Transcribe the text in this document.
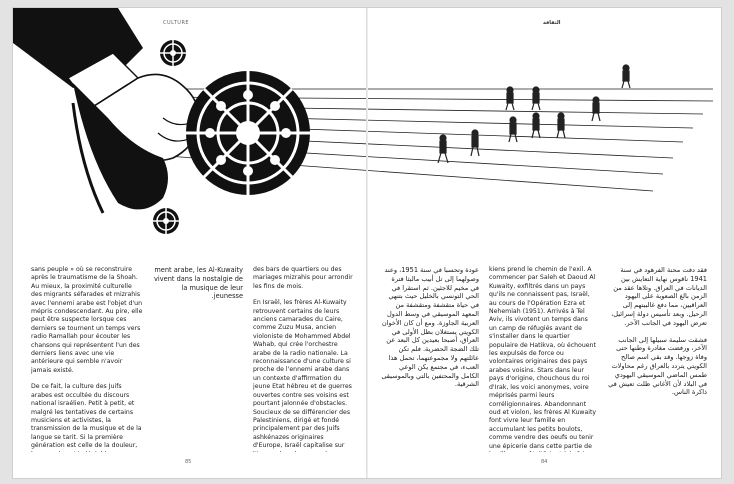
CULTURE	الثقافة

sans peuple » où se reconstruire après le traumatisme de la Shoah. Au mieux, la proximité culturelle des migrants séfarades et mizrahis avec l'ennemi arabe est l'objet d'un mépris condescendant. Au pire, elle peut être suspecte lorsque ces derniers se tournent un temps vers radio Ramallah pour écouter les chansons qui représentent l'un des derniers liens avec une vie antérieure qui semble n'avoir jamais existé.

De ce fait, la culture des Juifs arabes est occultée du discours national israélien. Petit à petit, et malgré les tentatives de certains musiciens et activistes, la transmission de la musique et de la langue se tarit. Si la première génération est celle de la douleur,

ment arabe, les Al-Kuwaity vivent dans la nostalgie de la musique de leur jeunesse.

des bars de quartiers ou des mariages mizrahis pour arrondir les fins de mois.

En Israël, les frères Al-Kuwaity retrouvent certains de leurs anciens camarades du Caire, comme Zuzu Musa, ancien violoniste de Mohammed Abdel Wahab, qui crée l'orchestre arabe de la radio nationale. La reconnaissance d'une culture si proche de l'ennemi arabe dans un contexte d'affirmation du jeune Etat hébreu et de guerres ouvertes contre ses voisins est pourtant jalonnée d'obstacles. Soucieux de se différencier des Palestiniens, dirigé et fondé principalement par des Juifs ashkénazes originaires d'Europe, Israël capitalise sur

عودة وتحسبا في سنة 1951، وعند وصولهما إلى تل أبيب مالبثا فترة في مخيم للاجئين. ثم استقرا في الحي التونسي بالخليل حيث بتنهي في حياة متقشفة ومتقشفة من المعهد الموسيقي في وسط الدول العربية الجاوزة. ومع أن كان الأخوان الكويتي يستغلان بظل الأولى في العراق، أصبحا بعيدين كل البعد عن تلك الضجة الحضرية. فلم تكن عائلتهم ولا مجموعتهما، تحمل هذا العبء، في مجتمع يكن الوعي الكامل والمحتفين بالتي وبالموسيقى الشرقية.

kiens prend le chemin de l'exil. A commencer par Saleh et Daoud Al Kuwaity, exfiltrés dans un pays qu'ils ne connaissent pas, Israël, au cours de l'Opération Ezra et Nehemiah (1951). Arrivés à Tel Aviv, ils vivotent un temps dans un camp de réfugiés avant de s'installer dans le quartier populaire de Hatikva, où échouent les expulsés de force ou volontaires originaires des pays arabes voisins. Stars dans leur pays d'origine, chouchous du roi d'Irak, les voici anonymes, voire méprisés parmi leurs corréligionnaires. Abandonnant oud et violon, les frères Al Kuwaity font vivre leur famille en accumulant les petits boulots, comme vendre des oeufs ou tenir une épicerie dans cette partie de

فقد دفت محنة الفرهود في سنة 1941 ناقوس نهاية التعايش بين الديانات في العراق. وتلاها عقد من الزمن بالغ الصعوبة على اليهود العراقيين، مما دفع غالبيتهم إلى الرحيل. وبعد تأسيس دولة إسرائيل، تعرض اليهود في الجانب الآخر.

فشقت سليمة سبيلها إلى الجانب الآخر، ورفضت مغادرة وطنها حتى وفاة زوجها. وقد بقي اسم صالح الكويتي يتردد بالعراق رغم محاولات طمس الماضي الموسيقي اليهودي في البلاد لأن الأغاني ظلت تعيش في ذاكرة الناس.

85	84
